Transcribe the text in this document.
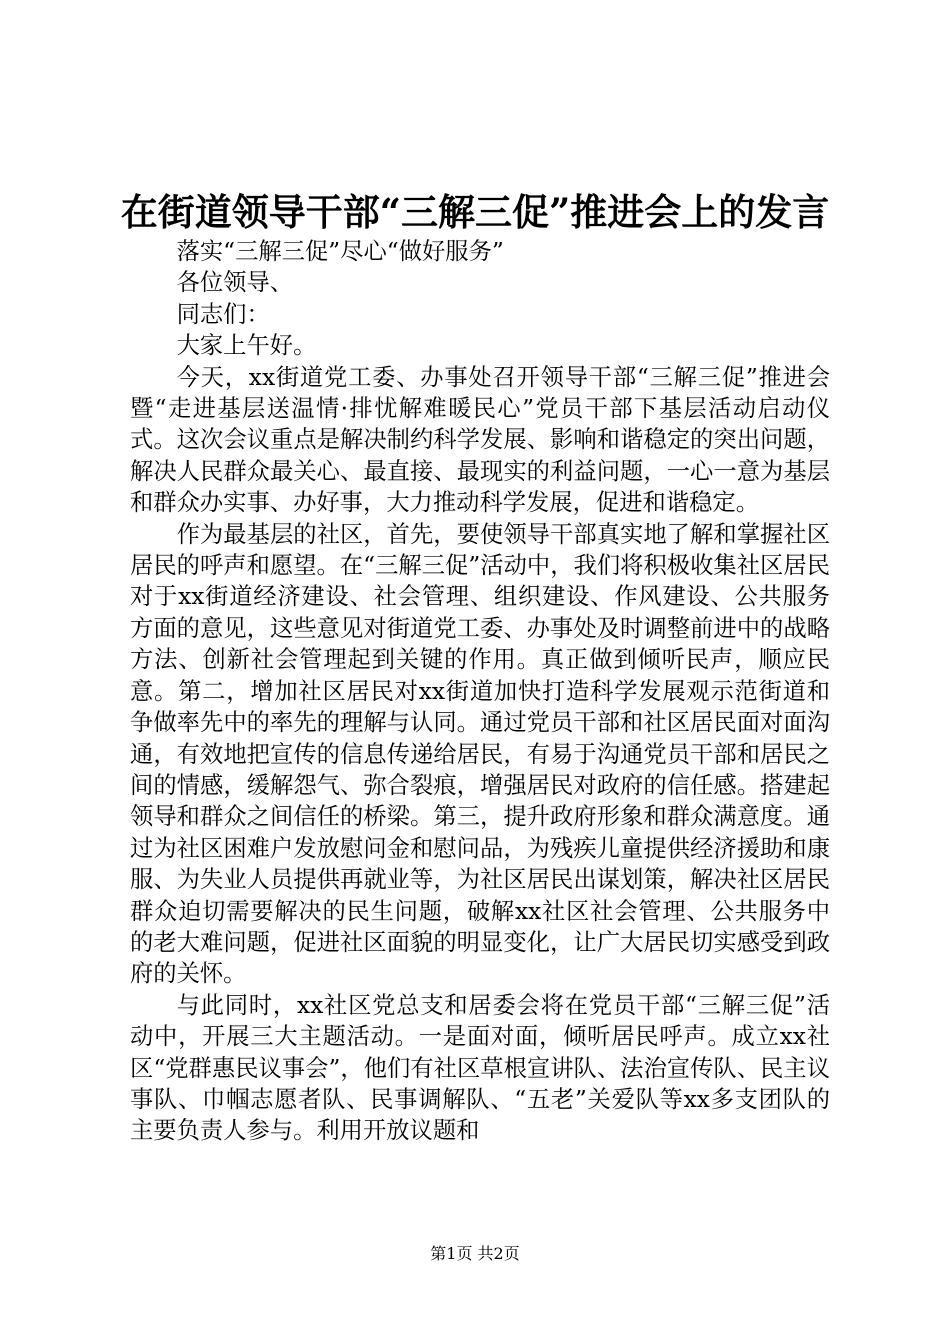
在街道领导干部“三解三促”推进会上的发言

落实“三解三促”尽心“做好服务”

各位领导、

同志们：

大家上午好。

今天，xx街道党工委、办事处召开领导干部“三解三促”推进会暨“走进基层送温情·排忧解难暖民心”党员干部下基层活动启动仪式。这次会议重点是解决制约科学发展、影响和谐稳定的突出问题，解决人民群众最关心、最直接、最现实的利益问题，一心一意为基层和群众办实事、办好事，大力推动科学发展，促进和谐稳定。

作为最基层的社区，首先，要使领导干部真实地了解和掌握社区居民的呼声和愿望。在“三解三促”活动中，我们将积极收集社区居民对于xx街道经济建设、社会管理、组织建设、作风建设、公共服务方面的意见，这些意见对街道党工委、办事处及时调整前进中的战略方法、创新社会管理起到关键的作用。真正做到倾听民声，顺应民意。第二，增加社区居民对xx街道加快打造科学发展观示范街道和争做率先中的率先的理解与认同。通过党员干部和社区居民面对面沟通，有效地把宣传的信息传递给居民，有易于沟通党员干部和居民之间的情感，缓解怨气、弥合裂痕，增强居民对政府的信任感。搭建起领导和群众之间信任的桥梁。第三，提升政府形象和群众满意度。通过为社区困难户发放慰问金和慰问品，为残疾儿童提供经济援助和康服、为失业人员提供再就业等，为社区居民出谋划策，解决社区居民群众迫切需要解决的民生问题，破解xx社区社会管理、公共服务中的老大难问题，促进社区面貌的明显变化，让广大居民切实感受到政府的关怀。

与此同时，xx社区党总支和居委会将在党员干部“三解三促”活动中，开展三大主题活动。一是面对面，倾听居民呼声。成立xx社区“党群惠民议事会”，他们有社区草根宣讲队、法治宣传队、民主议事队、巾帼志愿者队、民事调解队、“五老”关爱队等xx多支团队的主要负责人参与。利用开放议题和

第1页 共2页
